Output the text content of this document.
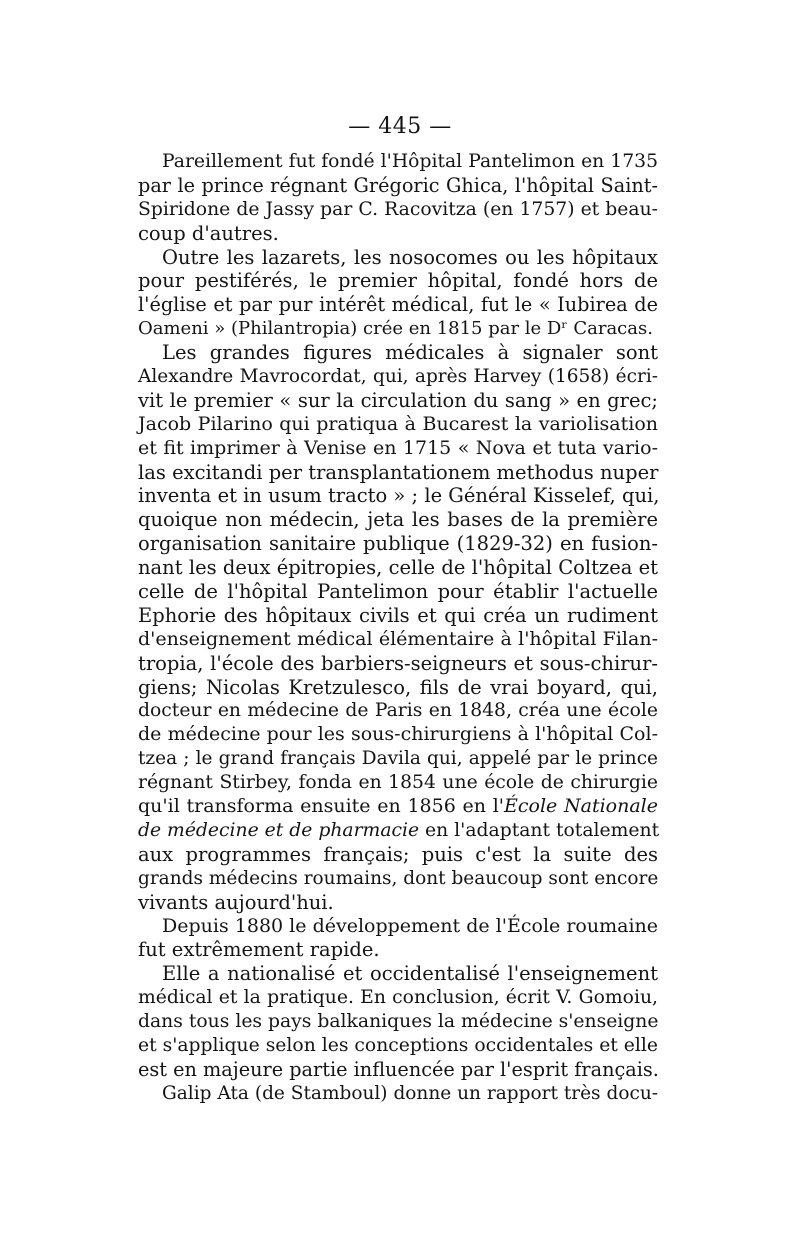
— 445 —
Pareillement fut fondé l'Hôpital Pantelimon en 1735
par le prince régnant Grégoric Ghica, l'hôpital Saint-
Spiridone de Jassy par C. Racovitza (en 1757) et beau-
coup d'autres.
Outre les lazarets, les nosocomes ou les hôpitaux
pour pestiférés, le premier hôpital, fondé hors de
l'église et par pur intérêt médical, fut le « Iubirea de
Oameni » (Philantropia) crée en 1815 par le Dʳ Caracas.
Les grandes figures médicales à signaler sont
Alexandre Mavrocordat, qui, après Harvey (1658) écri-
vit le premier « sur la circulation du sang » en grec;
Jacob Pilarino qui pratiqua à Bucarest la variolisation
et fit imprimer à Venise en 1715 « Nova et tuta vario-
las excitandi per transplantationem methodus nuper
inventa et in usum tracto » ; le Général Kisselef, qui,
quoique non médecin, jeta les bases de la première
organisation sanitaire publique (1829-32) en fusion-
nant les deux épitropies, celle de l'hôpital Coltzea et
celle de l'hôpital Pantelimon pour établir l'actuelle
Ephorie des hôpitaux civils et qui créa un rudiment
d'enseignement médical élémentaire à l'hôpital Filan-
tropia, l'école des barbiers-seigneurs et sous-chirur-
giens; Nicolas Kretzulesco, fils de vrai boyard, qui,
docteur en médecine de Paris en 1848, créa une école
de médecine pour les sous-chirurgiens à l'hôpital Col-
tzea ; le grand français Davila qui, appelé par le prince
régnant Stirbey, fonda en 1854 une école de chirurgie
qu'il transforma ensuite en 1856 en l'École Nationale
de médecine et de pharmacie en l'adaptant totalement
aux programmes français; puis c'est la suite des
grands médecins roumains, dont beaucoup sont encore
vivants aujourd'hui.
Depuis 1880 le développement de l'École roumaine
fut extrêmement rapide.
Elle a nationalisé et occidentalisé l'enseignement
médical et la pratique. En conclusion, écrit V. Gomoiu,
dans tous les pays balkaniques la médecine s'enseigne
et s'applique selon les conceptions occidentales et elle
est en majeure partie influencée par l'esprit français.
Galip Ata (de Stamboul) donne un rapport très docu-
